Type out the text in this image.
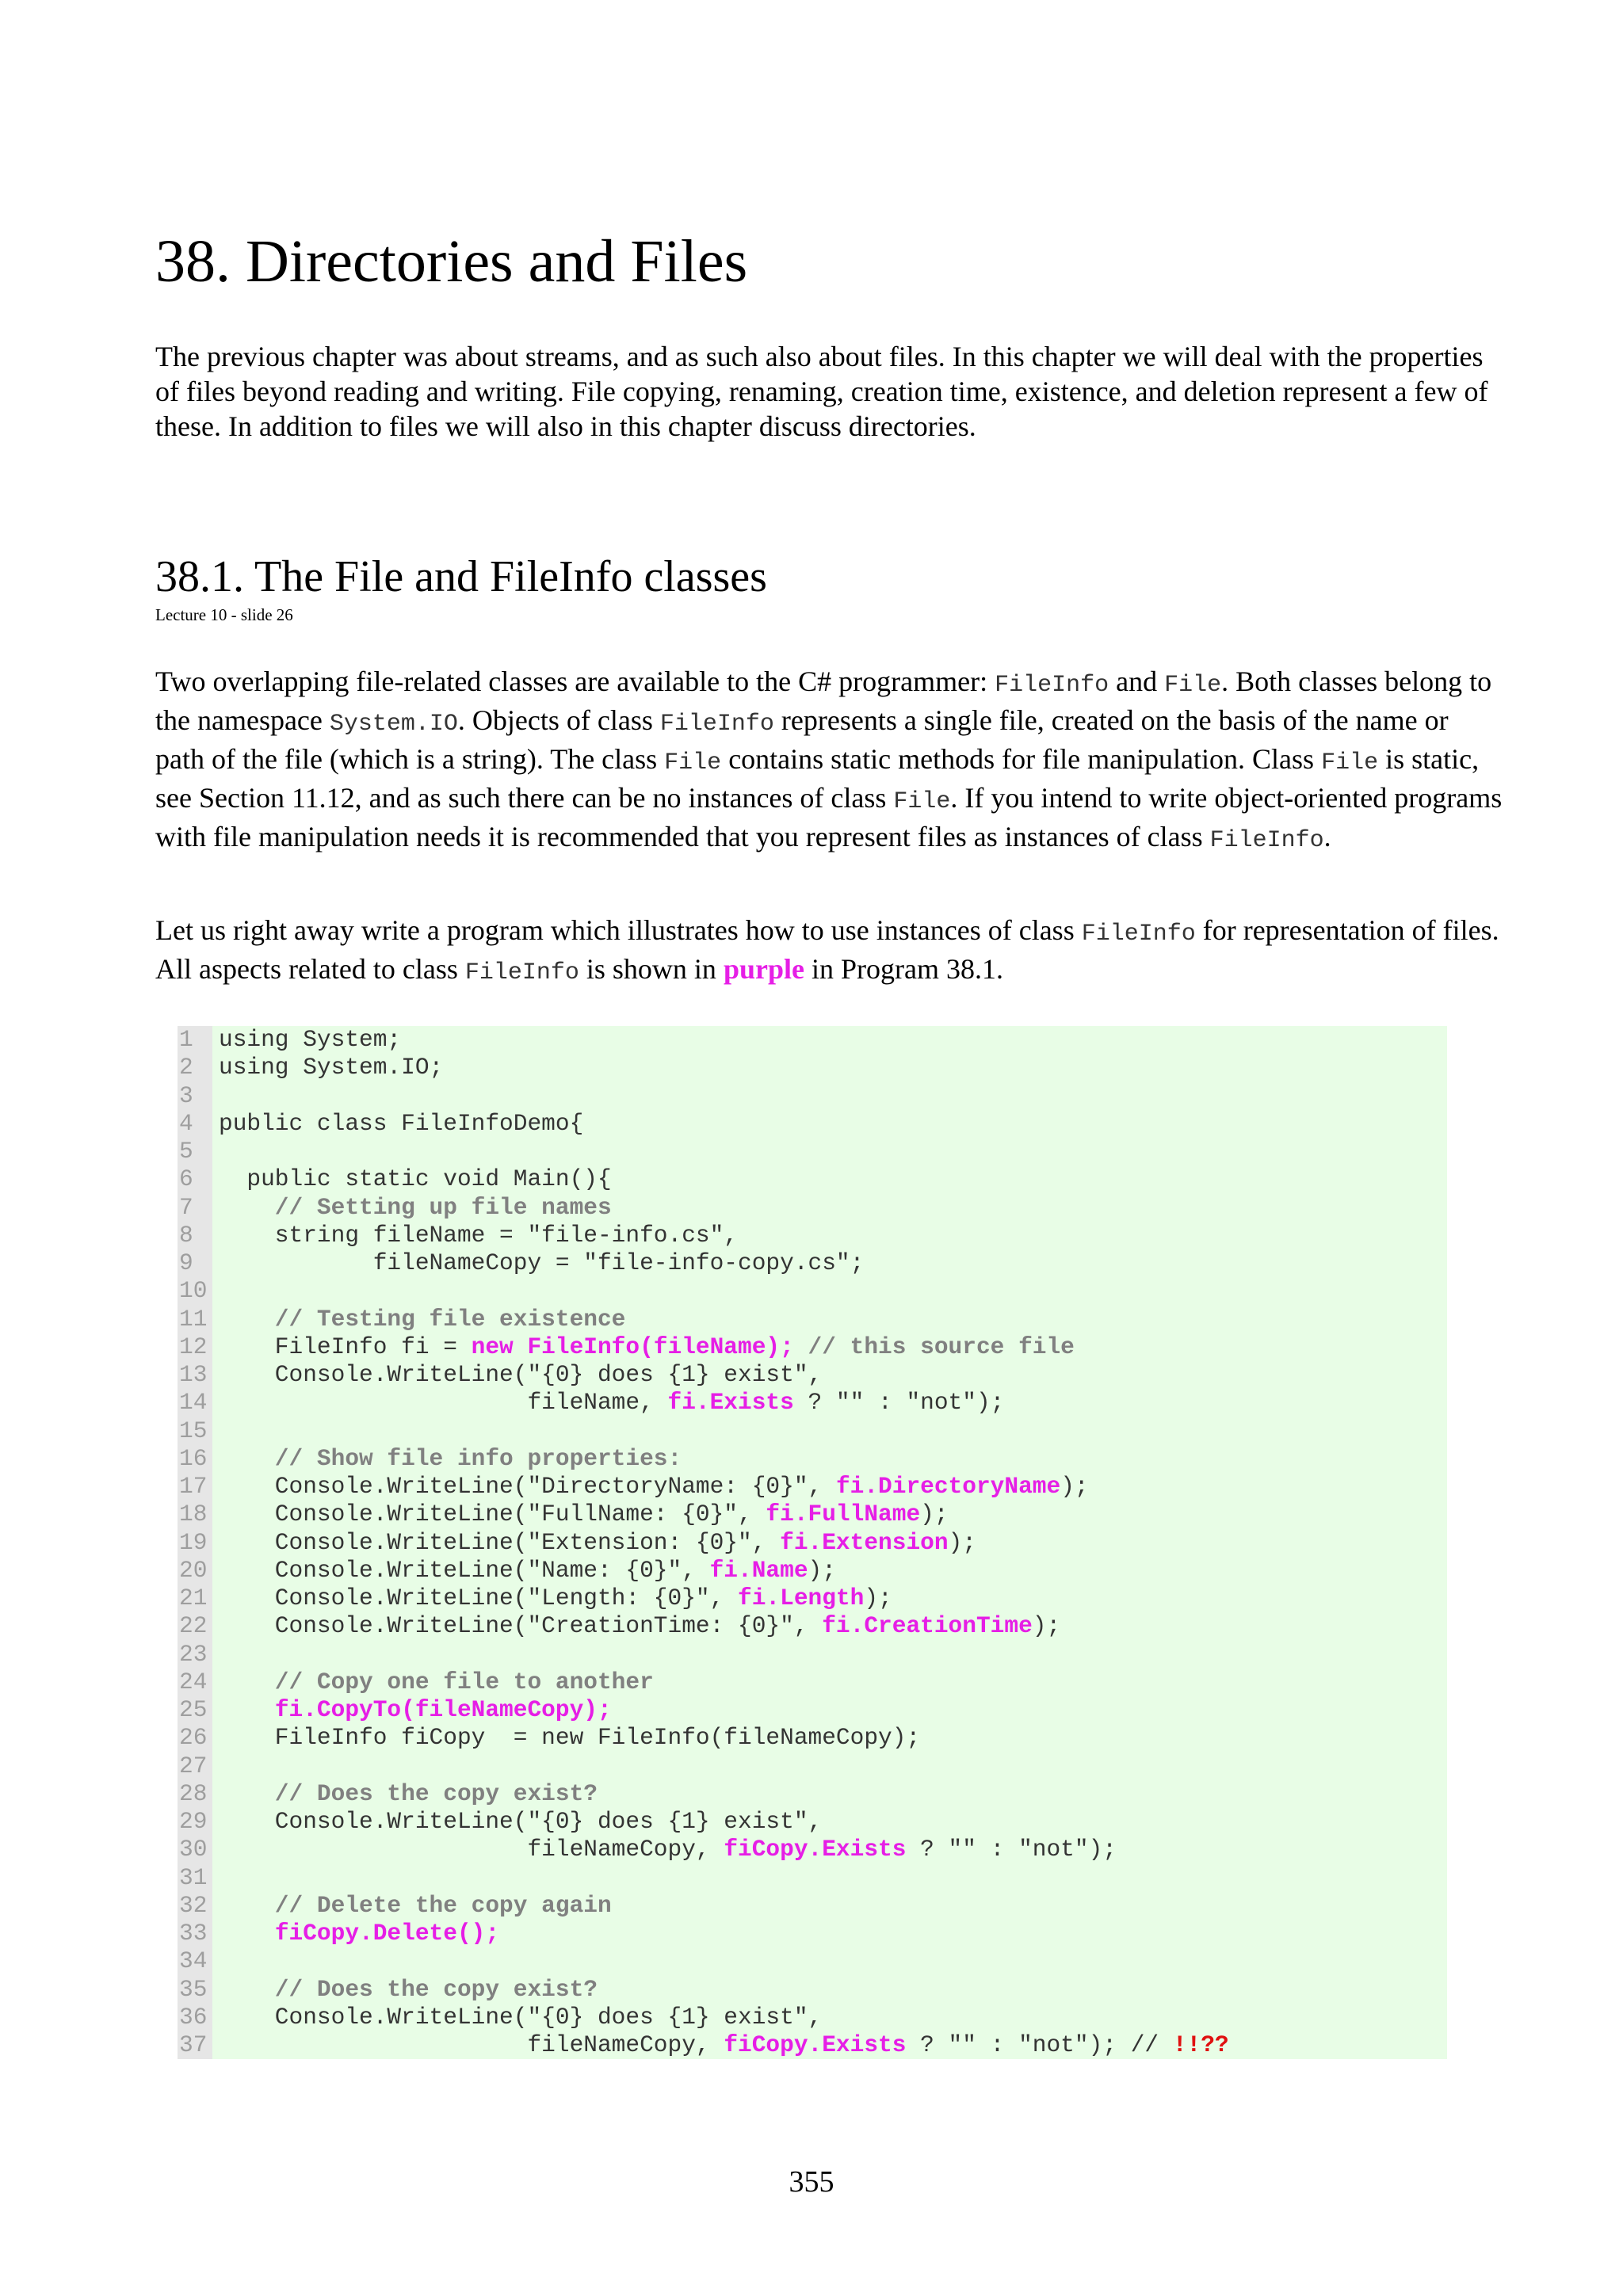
38. Directories and Files

The previous chapter was about streams, and as such also about files. In this chapter we will deal with the properties of files beyond reading and writing. File copying, renaming, creation time, existence, and deletion represent a few of these. In addition to files we will also in this chapter discuss directories.

38.1. The File and FileInfo classes
Lecture 10 - slide 26

Two overlapping file-related classes are available to the C# programmer: FileInfo and File. Both classes belong to the namespace System.IO. Objects of class FileInfo represents a single file, created on the basis of the name or path of the file (which is a string). The class File contains static methods for file manipulation. Class File is static, see Section 11.12, and as such there can be no instances of class File. If you intend to write object-oriented programs with file manipulation needs it is recommended that you represent files as instances of class FileInfo.

Let us right away write a program which illustrates how to use instances of class FileInfo for representation of files. All aspects related to class FileInfo is shown in purple in Program 38.1.

1	using System;
2	using System.IO;
3
4	public class FileInfoDemo{
5
6	public static void Main(){
7	// Setting up file names
8	string fileName = "file-info.cs",
9	fileNameCopy = "file-info-copy.cs";
10
11 // Testing file existence
12 FileInfo fi = new FileInfo(fileName); // this source file
13 Console.WriteLine("{0} does {1} exist",
14 fileName, fi.Exists ? "" : "not");
15
16 // Show file info properties:
17 Console.WriteLine("DirectoryName: {0}", fi.DirectoryName);
18 Console.WriteLine("FullName: {0}", fi.FullName);
19 Console.WriteLine("Extension: {0}", fi.Extension);
20 Console.WriteLine("Name: {0}", fi.Name);
21 Console.WriteLine("Length: {0}", fi.Length);
22 Console.WriteLine("CreationTime: {0}", fi.CreationTime);
23
24 // Copy one file to another
25	fi.CopyTo(fileNameCopy);
26 FileInfo fiCopy  = new FileInfo(fileNameCopy);
27
28 // Does the copy exist?
29 Console.WriteLine("{0} does {1} exist",
30 fileNameCopy, fiCopy.Exists ? "" : "not");
31
32 // Delete the copy again
33	fiCopy.Delete();
34
35 // Does the copy exist?
36 Console.WriteLine("{0} does {1} exist",
37 fileNameCopy, fiCopy.Exists ? "" : "not"); // !!??
355
